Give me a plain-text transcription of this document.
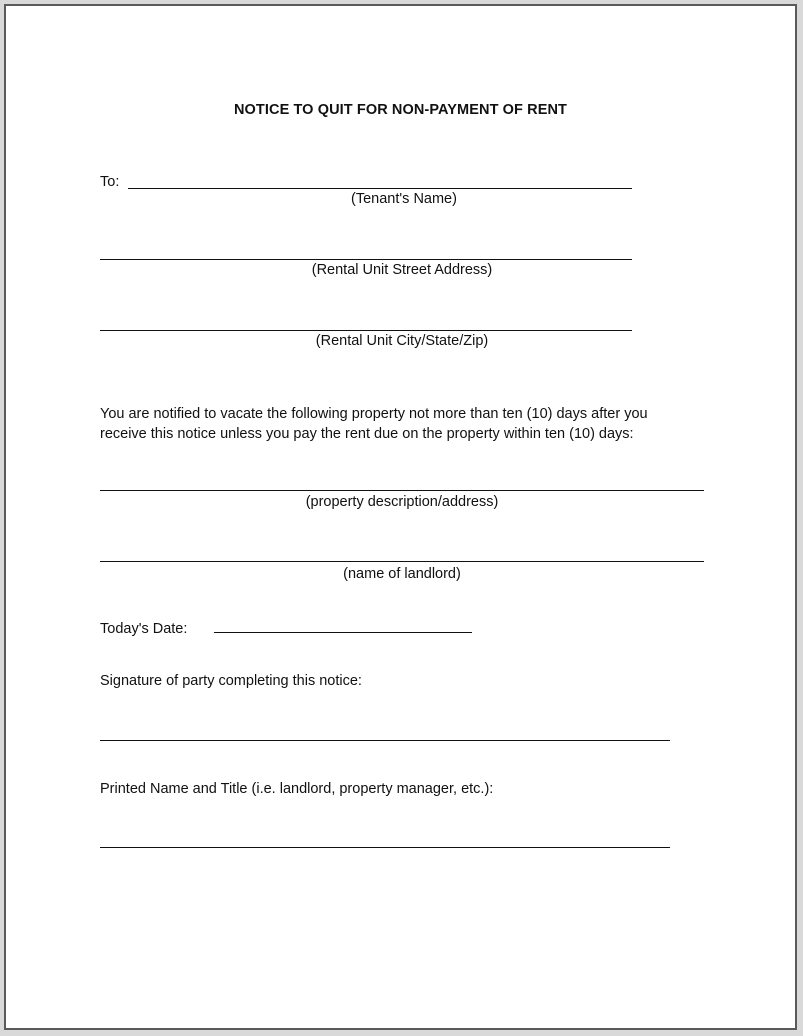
NOTICE TO QUIT FOR NON-PAYMENT OF RENT
To:
(Tenant's Name)
(Rental Unit Street Address)
(Rental Unit City/State/Zip)
You are notified to vacate the following property not more than ten (10) days after you
receive this notice unless you pay the rent due on the property within ten (10) days:
(property description/address)
(name of landlord)
Today's Date:
Signature of party completing this notice:
Printed Name and Title (i.e. landlord, property manager, etc.):
